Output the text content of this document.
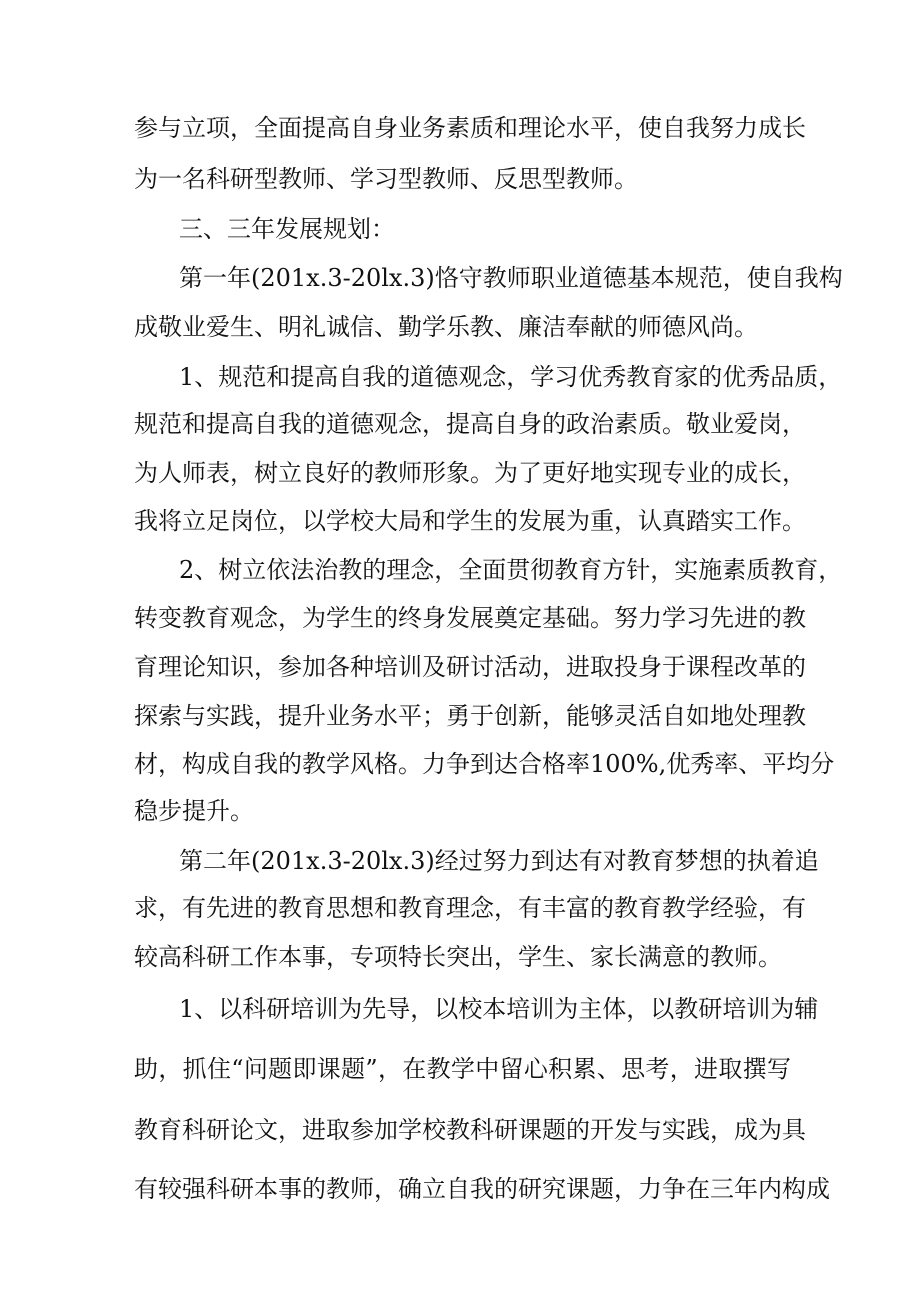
参与立项，全面提高自身业务素质和理论水平，使自我努力成长
为一名科研型教师、学习型教师、反思型教师。
三、三年发展规划：
第一年(201x.3-20lx.3)恪守教师职业道德基本规范，使自我构
成敬业爱生、明礼诚信、勤学乐教、廉洁奉献的师德风尚。
1、规范和提高自我的道德观念，学习优秀教育家的优秀品质，
规范和提高自我的道德观念，提高自身的政治素质。敬业爱岗，
为人师表，树立良好的教师形象。为了更好地实现专业的成长，
我将立足岗位，以学校大局和学生的发展为重，认真踏实工作。
2、树立依法治教的理念，全面贯彻教育方针，实施素质教育，
转变教育观念，为学生的终身发展奠定基础。努力学习先进的教
育理论知识，参加各种培训及研讨活动，进取投身于课程改革的
探索与实践，提升业务水平；勇于创新，能够灵活自如地处理教
材，构成自我的教学风格。力争到达合格率100%,优秀率、平均分
稳步提升。
第二年(201x.3-20lx.3)经过努力到达有对教育梦想的执着追
求，有先进的教育思想和教育理念，有丰富的教育教学经验，有
较高科研工作本事，专项特长突出，学生、家长满意的教师。
1、以科研培训为先导，以校本培训为主体，以教研培训为辅
助，抓住“问题即课题”，在教学中留心积累、思考，进取撰写
教育科研论文，进取参加学校教科研课题的开发与实践，成为具
有较强科研本事的教师，确立自我的研究课题，力争在三年内构成
